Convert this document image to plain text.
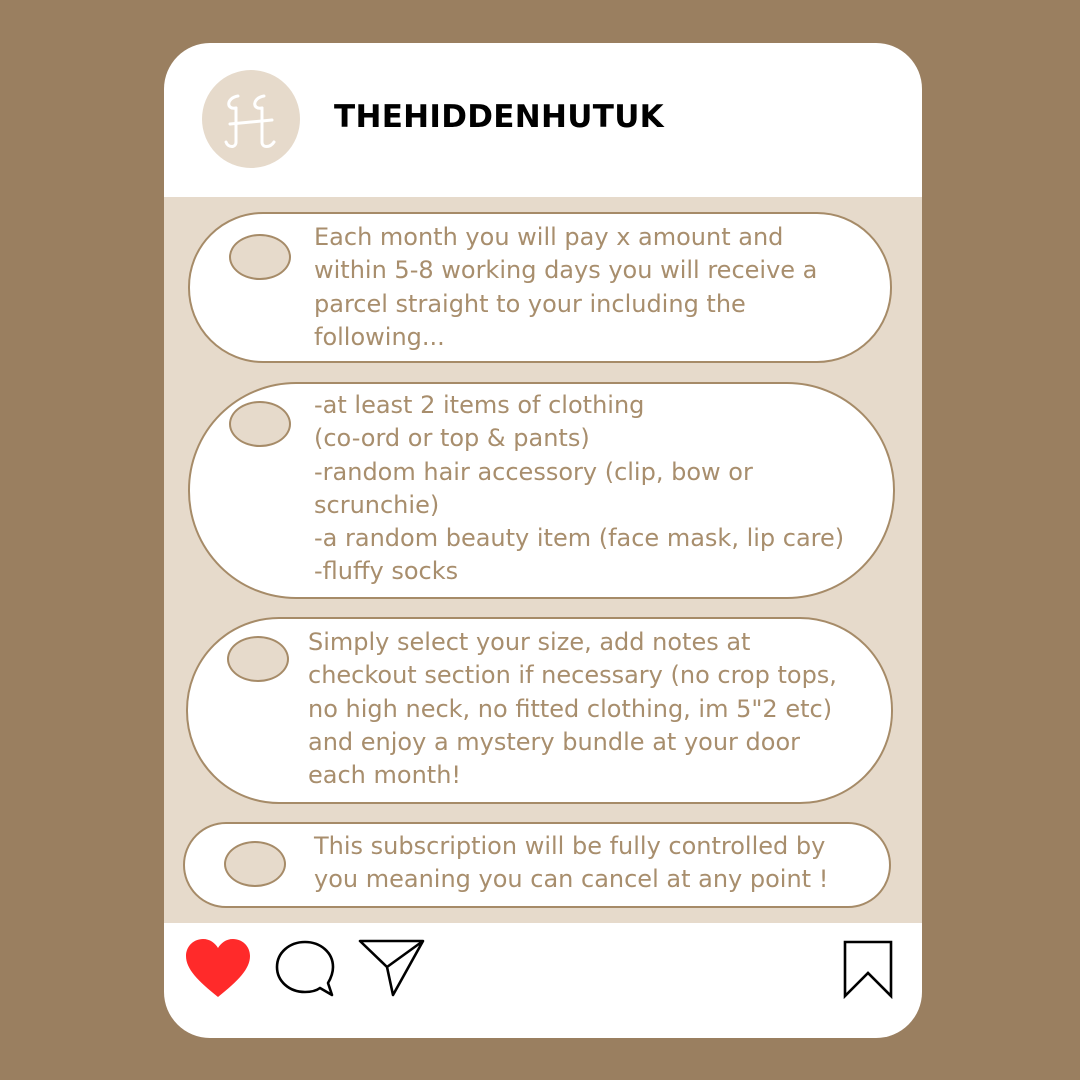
THEHIDDENHUTUK
Each month you will pay x amount and
within 5-8 working days you will receive a
parcel straight to your including the
following...
-at least 2 items of clothing
(co-ord or top & pants)
-random hair accessory (clip, bow or
scrunchie)
-a random beauty item (face mask, lip care)
-fluffy socks
Simply select your size, add notes at
checkout section if necessary (no crop tops,
no high neck, no fitted clothing, im 5"2 etc)
and enjoy a mystery bundle at your door
each month!
This subscription will be fully controlled by
you meaning you can cancel at any point !
